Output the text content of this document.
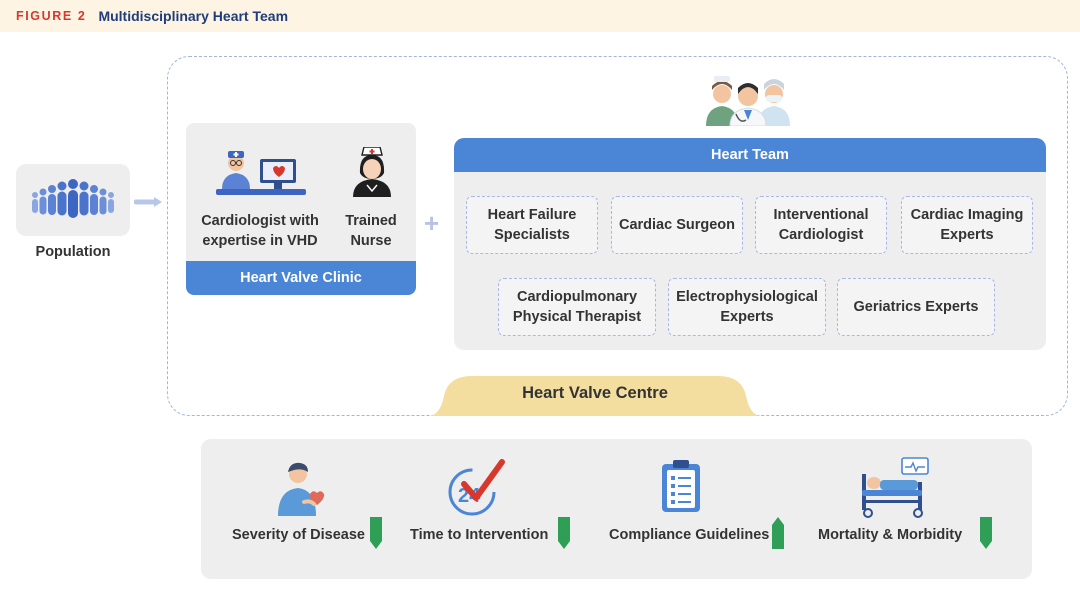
FIGURE 2 Multidisciplinary Heart Team
Population
Cardiologist with
expertise in VHD
Trained
Nurse
Heart Valve Clinic
+
Heart Team
Heart Failure
Specialists
Cardiac Surgeon
Interventional
Cardiologist
Cardiac Imaging
Experts
Cardiopulmonary
Physical Therapist
Electrophysiological
Experts
Geriatrics Experts
Heart Valve Centre
Severity of Disease
24
Time to Intervention	Compliance Guidelines	Mortality & Morbidity
